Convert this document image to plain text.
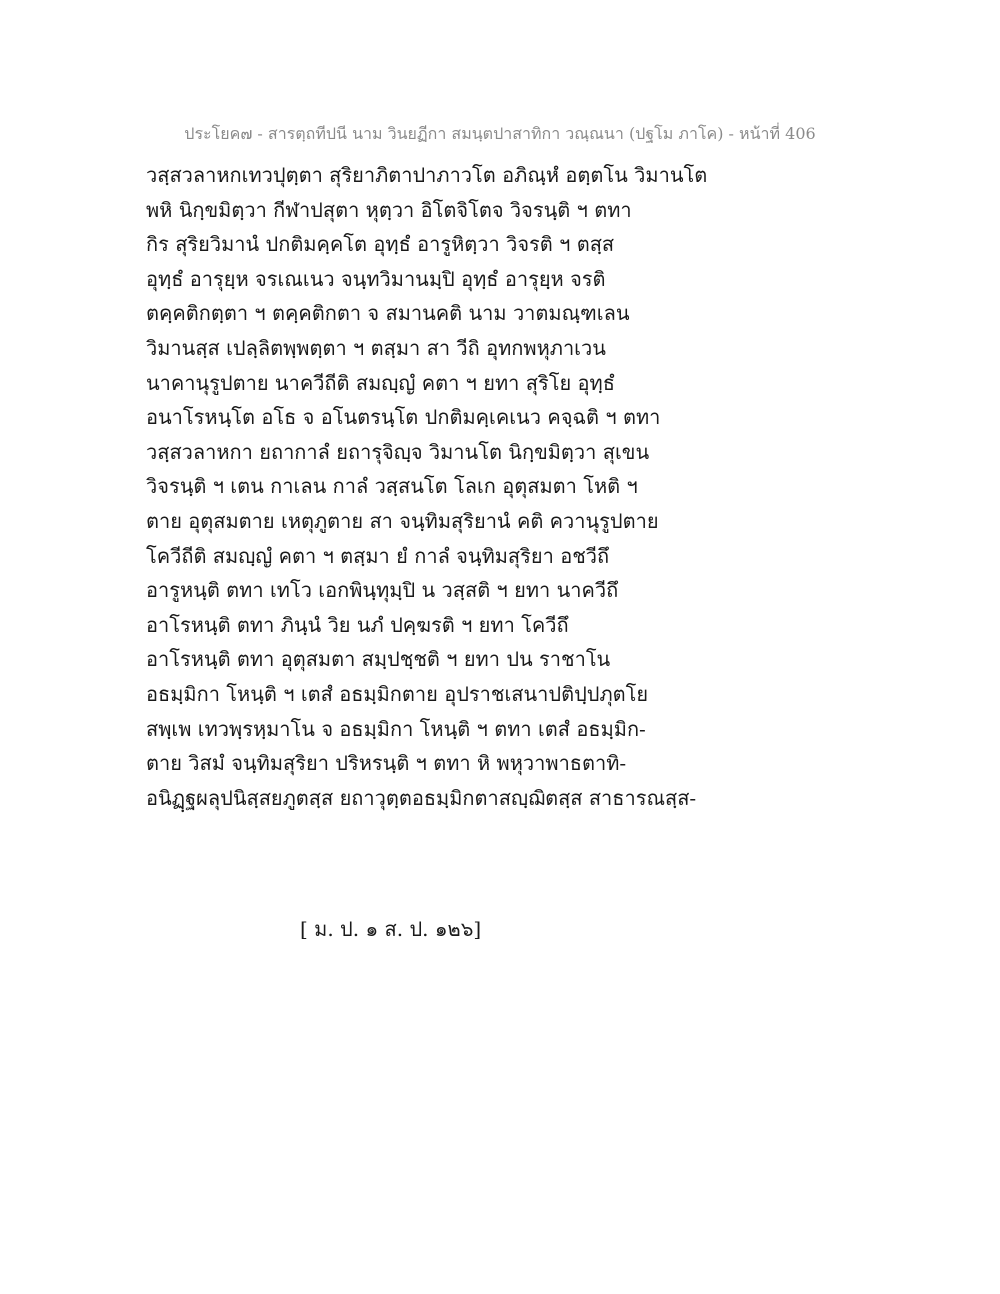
ประโยค๗ - สารตฺถทีปนี นาม วินยฏีกา สมนฺตปาสาทิกา วณฺณนา (ปฐโม ภาโค) - หน้าที่ 406
วสฺสวลาหกเทวปุตฺตา สุริยาภิตาปาภาวโต อภิณฺหํ อตฺตโน วิมานโต
พหิ นิกฺขมิตฺวา กีฬาปสุตา หุตฺวา อิโตจิโตจ วิจรนฺติ ฯ ตทา
กิร สุริยวิมานํ ปกติมคฺคโต อุทฺธํ อารูหิตฺวา วิจรติ ฯ ตสฺส
อุทฺธํ อารุยฺห จรเณเนว จนฺทวิมานมฺปิ อุทฺธํ อารุยฺห จรติ
ตคฺคติกตฺตา ฯ ตคฺคติกตา จ สมานคติ นาม วาตมณฺฑเลน
วิมานสฺส เปลฺลิตพฺพตฺตา ฯ ตสฺมา สา วีถิ อุทกพหุภาเวน
นาคานุรูปตาย นาควีถีติ สมญฺญํ คตา ฯ ยทา สุริโย อุทฺธํ
อนาโรหนฺโต อโธ จ อโนตรนฺโต ปกติมคฺเคเนว คจฺฉติ ฯ ตทา
วสฺสวลาหกา ยถากาลํ ยถารุจิญฺจ วิมานโต นิกฺขมิตฺวา สุเขน
วิจรนฺติ ฯ เตน กาเลน กาลํ วสฺสนโต โลเก อุตุสมตา โหติ ฯ
ตาย อุตุสมตาย เหตุภูตาย สา จนฺทิมสุริยานํ คติ ควานุรูปตาย
โควีถีติ สมญฺญํ คตา ฯ ตสฺมา ยํ กาลํ จนฺทิมสุริยา อชวีถึ
อารูหนฺติ ตทา เทโว เอกพินฺทุมฺปิ น วสฺสติ ฯ ยทา นาควีถึ
อาโรหนฺติ ตทา ภินฺนํ วิย นภํ ปคฺฆรติ ฯ ยทา โควีถึ
อาโรหนฺติ ตทา อุตุสมตา สมฺปชฺชติ ฯ ยทา ปน ราชาโน
อธมฺมิกา โหนฺติ ฯ เตสํ อธมฺมิกตาย อุปราชเสนาปติปฺปภุตโย
สพฺเพ เทวพฺรหฺมาโน จ อธมฺมิกา โหนฺติ ฯ ตทา เตสํ อธมฺมิก-
ตาย วิสมํ จนฺทิมสุริยา ปริหรนฺติ ฯ ตทา หิ พหุวาพาธตาทิ-
อนิฏฺฐผลุปนิสฺสยภูตสฺส ยถาวุตฺตอธมฺมิกตาสญฺฌิตสฺส สาธารณสฺส-
[ ม. ป. ๑ ส. ป. ๑๒๖]
